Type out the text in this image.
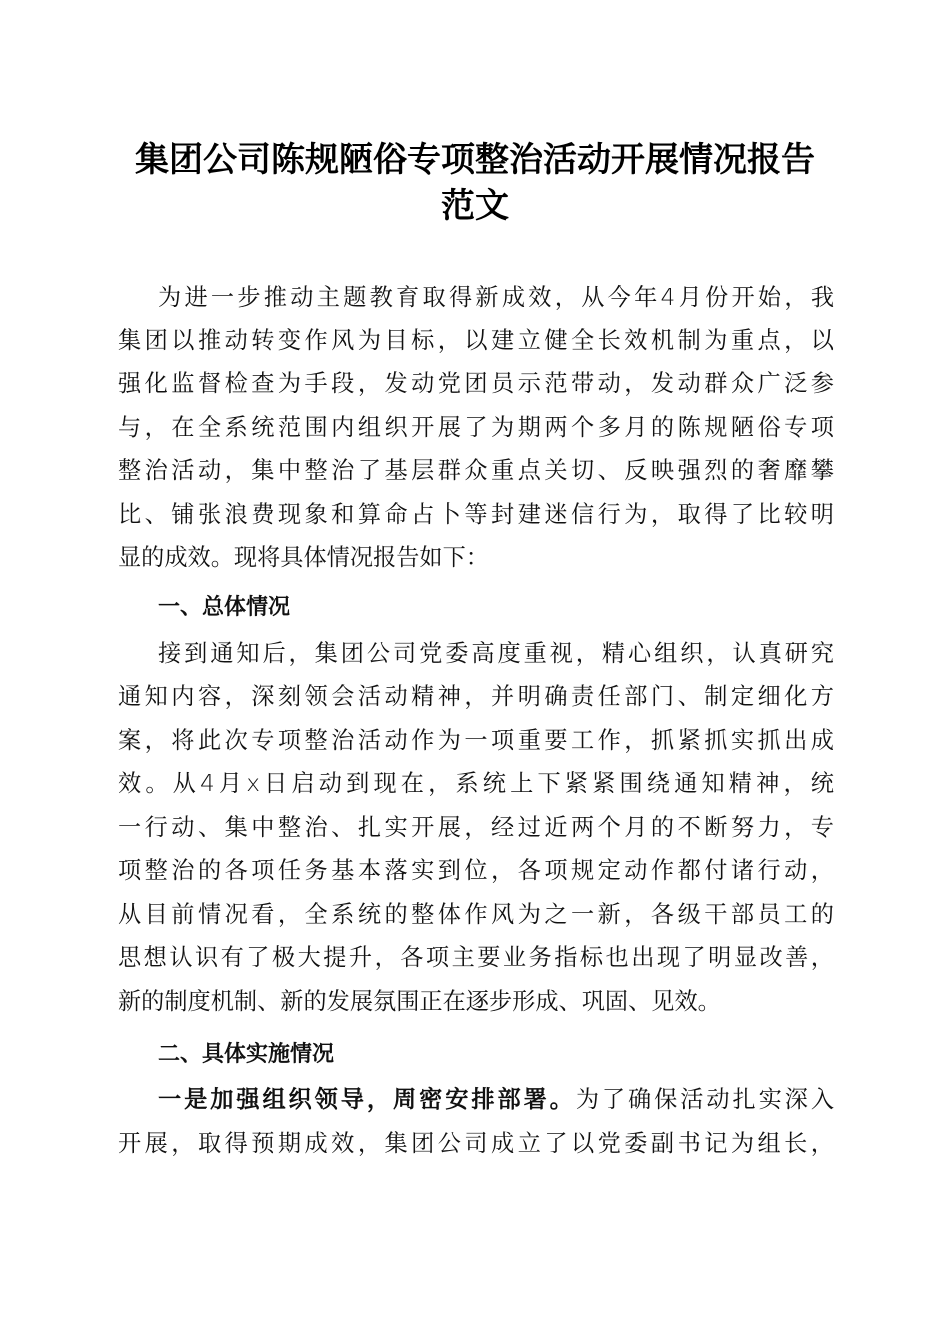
集团公司陈规陋俗专项整治活动开展情况报告
范文
为进一步推动主题教育取得新成效，从今年4月份开始，我
集团以推动转变作风为目标，以建立健全长效机制为重点，以
强化监督检查为手段，发动党团员示范带动，发动群众广泛参
与，在全系统范围内组织开展了为期两个多月的陈规陋俗专项
整治活动，集中整治了基层群众重点关切、反映强烈的奢靡攀
比、铺张浪费现象和算命占卜等封建迷信行为，取得了比较明
显的成效。现将具体情况报告如下：
一、总体情况
接到通知后，集团公司党委高度重视，精心组织，认真研究
通知内容，深刻领会活动精神，并明确责任部门、制定细化方
案，将此次专项整治活动作为一项重要工作，抓紧抓实抓出成
效。从4月x日启动到现在，系统上下紧紧围绕通知精神，统
一行动、集中整治、扎实开展，经过近两个月的不断努力，专
项整治的各项任务基本落实到位，各项规定动作都付诸行动，
从目前情况看，全系统的整体作风为之一新，各级干部员工的
思想认识有了极大提升，各项主要业务指标也出现了明显改善，
新的制度机制、新的发展氛围正在逐步形成、巩固、见效。
二、具体实施情况
一是加强组织领导，周密安排部署。为了确保活动扎实深入
开展，取得预期成效，集团公司成立了以党委副书记为组长，
